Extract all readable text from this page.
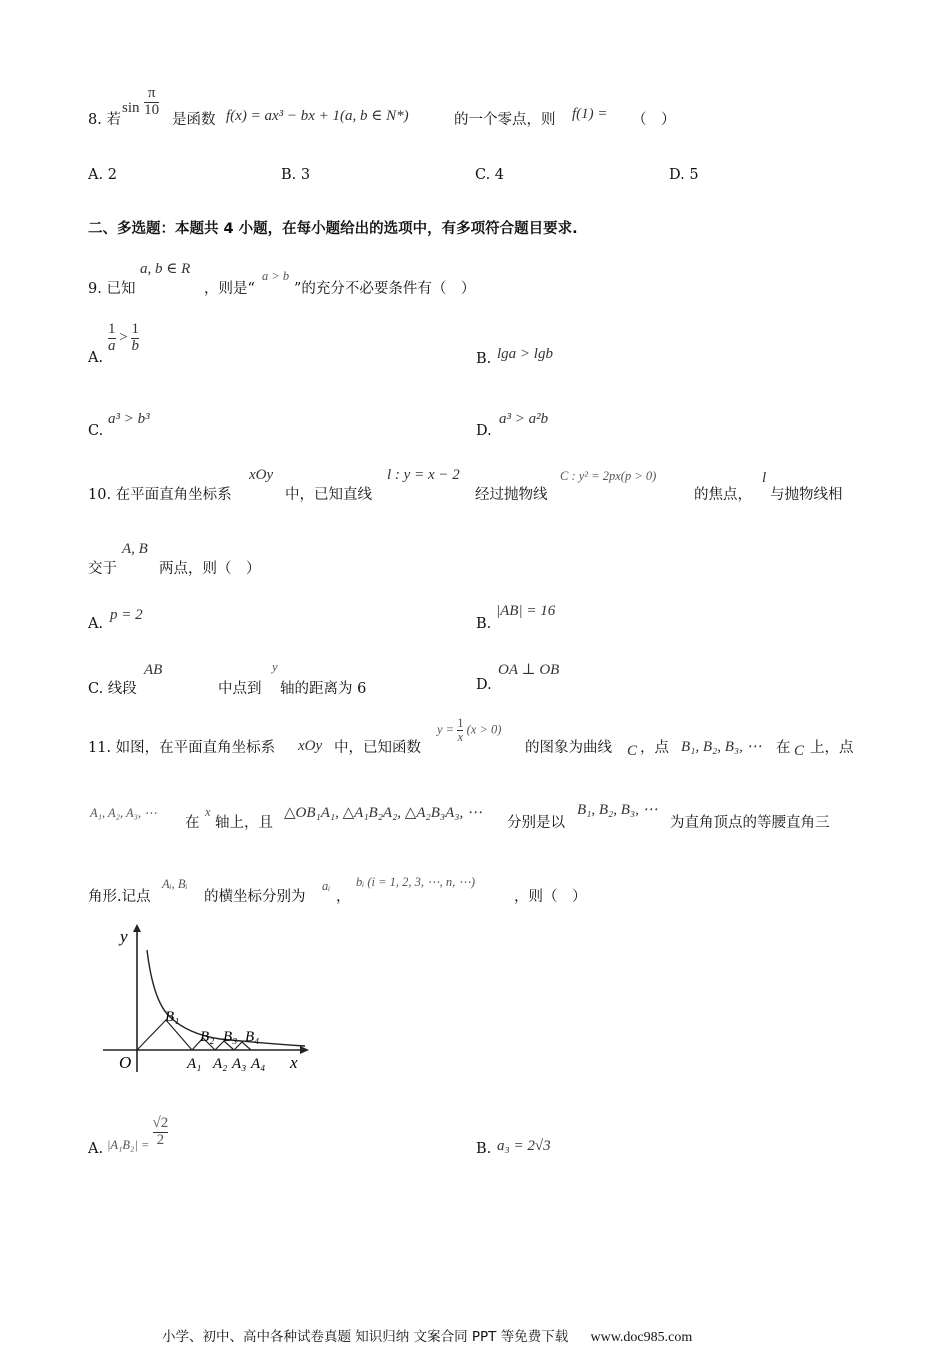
8. 若
$\sin \frac{\pi}{10}$
是函数 f(x) = ax³ − bx + 1(a, b ∈ N*)	的一个零点，则 f(1) = （　）
A. 2	B. 3	C. 4	D. 5
二、多选题：本题共 4 小题，在每小题给出的选项中，有多项符合题目要求.
9. 已知
a, b ∈ R
，则是“
a > b
”的充分不必要条件有（　）
A.
$\frac{1}{a} > \frac{1}{b}$
B. lga > lgb
C.
a³ > b³
D.
a³ > a²b
10. 在平面直角坐标系
xOy
中，已知直线
l : y = x − 2
经过抛物线
C : y² = 2px(p > 0)
的焦点，
l
与抛物线相
交于
A, B
两点，则（　）
A.
p = 2
B.
|AB| = 16
C. 线段
AB
中点到
y
轴的距离为 6	D.
OA ⊥ OB
11. 如图，在平面直角坐标系 xOy 中，已知函数
$y = \frac{1}{x} (x > 0)$
的图象为曲线 C ，点 B₁, B₂, B₃, ⋯ 在 C 上，点
A₁, A₂, A₃, ⋯
在
x
轴上，且
△OB₁A₁, △A₁B₂A₂, △A₂B₃A₃, ⋯
分别是以
B₁, B₂, B₃, ⋯
为直角顶点的等腰直角三
角形.记点
Aᵢ, Bᵢ
的横坐标分别为
aᵢ
，
bᵢ (i = 1, 2, 3, ⋯, n, ⋯)
，则（　）
y
x
O
B₁
B₂ B₃ B₄
A₁ A₂ A₃ A₄
A. $|A_1B_2| = \frac{√2}{2}$
B. a₃ = 2√3
小学、初中、高中各种试卷真题 知识归纳 文案合同 PPT 等免费下载 www.doc985.com
